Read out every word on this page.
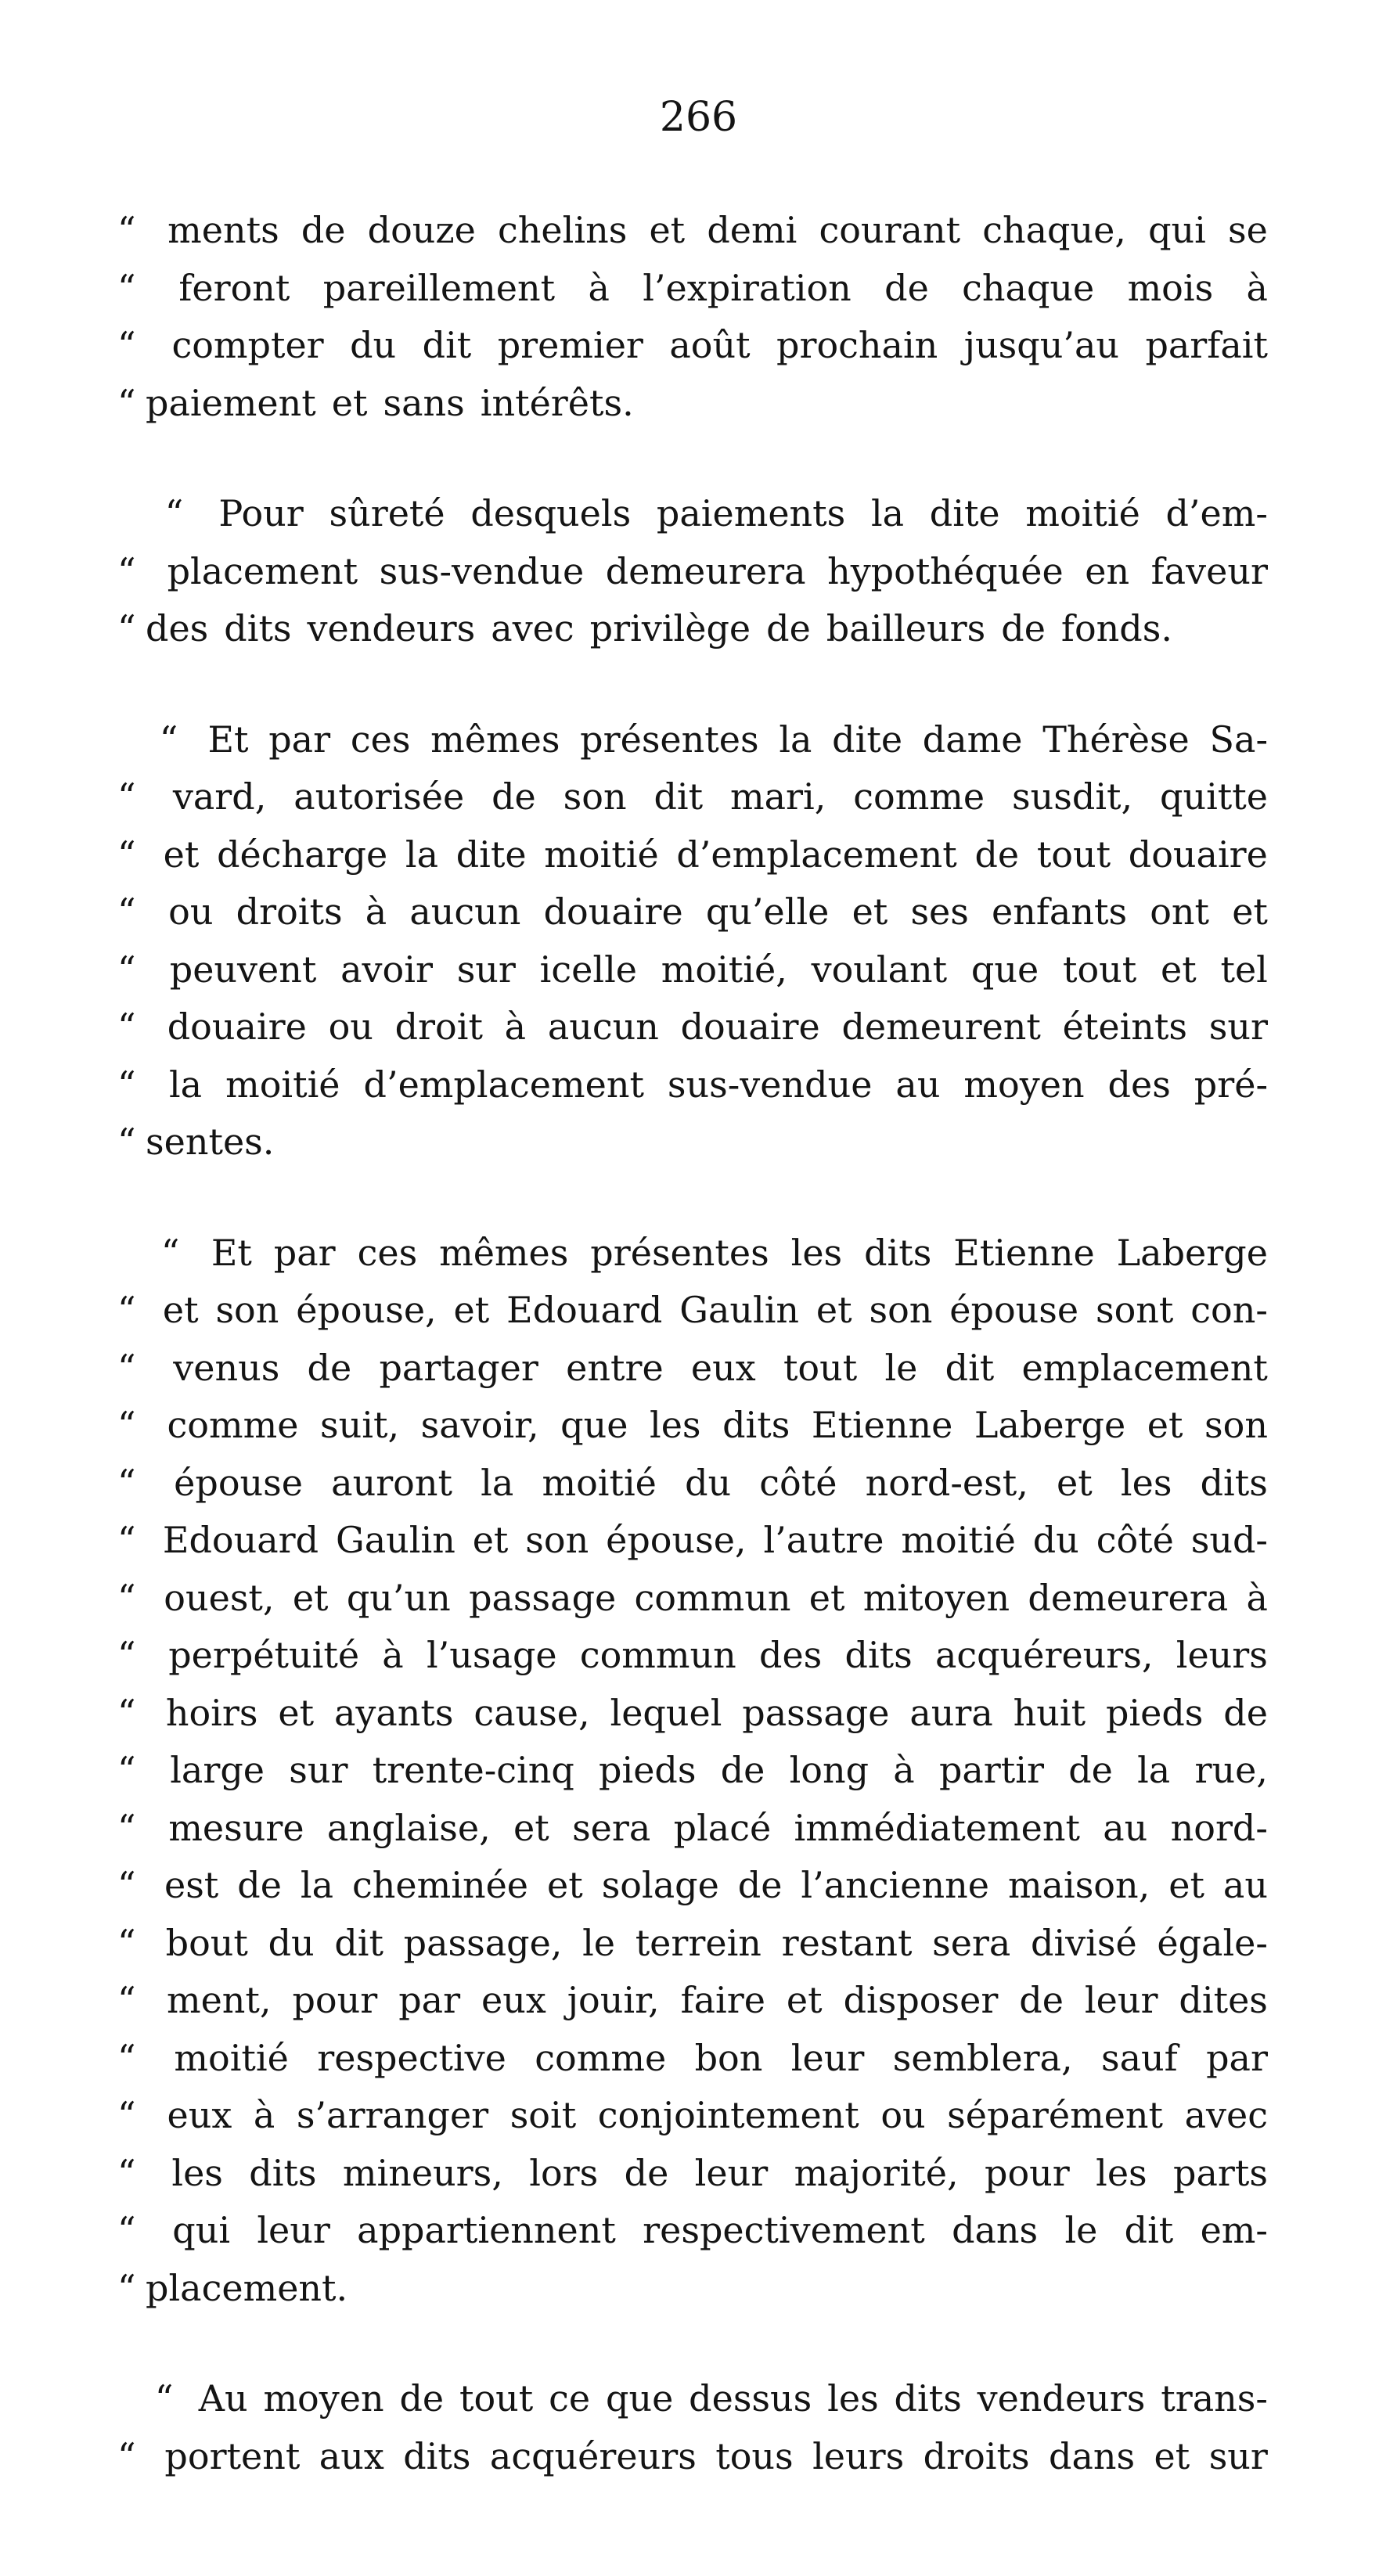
266
“ ments de douze chelins et demi courant chaque, qui se
“ feront pareillement à l’expiration de chaque mois à
“ compter du dit premier août prochain jusqu’au parfait
“ paiement et sans intérêts.
“ Pour sûreté desquels paiements la dite moitié d’em-
“ placement sus-vendue demeurera hypothéquée en faveur
“ des dits vendeurs avec privilège de bailleurs de fonds.
“ Et par ces mêmes présentes la dite dame Thérèse Sa-
“ vard, autorisée de son dit mari, comme susdit, quitte
“ et décharge la dite moitié d’emplacement de tout douaire
“ ou droits à aucun douaire qu’elle et ses enfants ont et
“ peuvent avoir sur icelle moitié, voulant que tout et tel
“ douaire ou droit à aucun douaire demeurent éteints sur
“ la moitié d’emplacement sus-vendue au moyen des pré-
“ sentes.
“ Et par ces mêmes présentes les dits Etienne Laberge
“ et son épouse, et Edouard Gaulin et son épouse sont con-
“ venus de partager entre eux tout le dit emplacement
“ comme suit, savoir, que les dits Etienne Laberge et son
“ épouse auront la moitié du côté nord-est, et les dits
“ Edouard Gaulin et son épouse, l’autre moitié du côté sud-
“ ouest, et qu’un passage commun et mitoyen demeurera à
“ perpétuité à l’usage commun des dits acquéreurs, leurs
“ hoirs et ayants cause, lequel passage aura huit pieds de
“ large sur trente-cinq pieds de long à partir de la rue,
“ mesure anglaise, et sera placé immédiatement au nord-
“ est de la cheminée et solage de l’ancienne maison, et au
“ bout du dit passage, le terrein restant sera divisé égale-
“ ment, pour par eux jouir, faire et disposer de leur dites
“ moitié respective comme bon leur semblera, sauf par
“ eux à s’arranger soit conjointement ou séparément avec
“ les dits mineurs, lors de leur majorité, pour les parts
“ qui leur appartiennent respectivement dans le dit em-
“ placement.
“ Au moyen de tout ce que dessus les dits vendeurs trans-
“ portent aux dits acquéreurs tous leurs droits dans et sur
